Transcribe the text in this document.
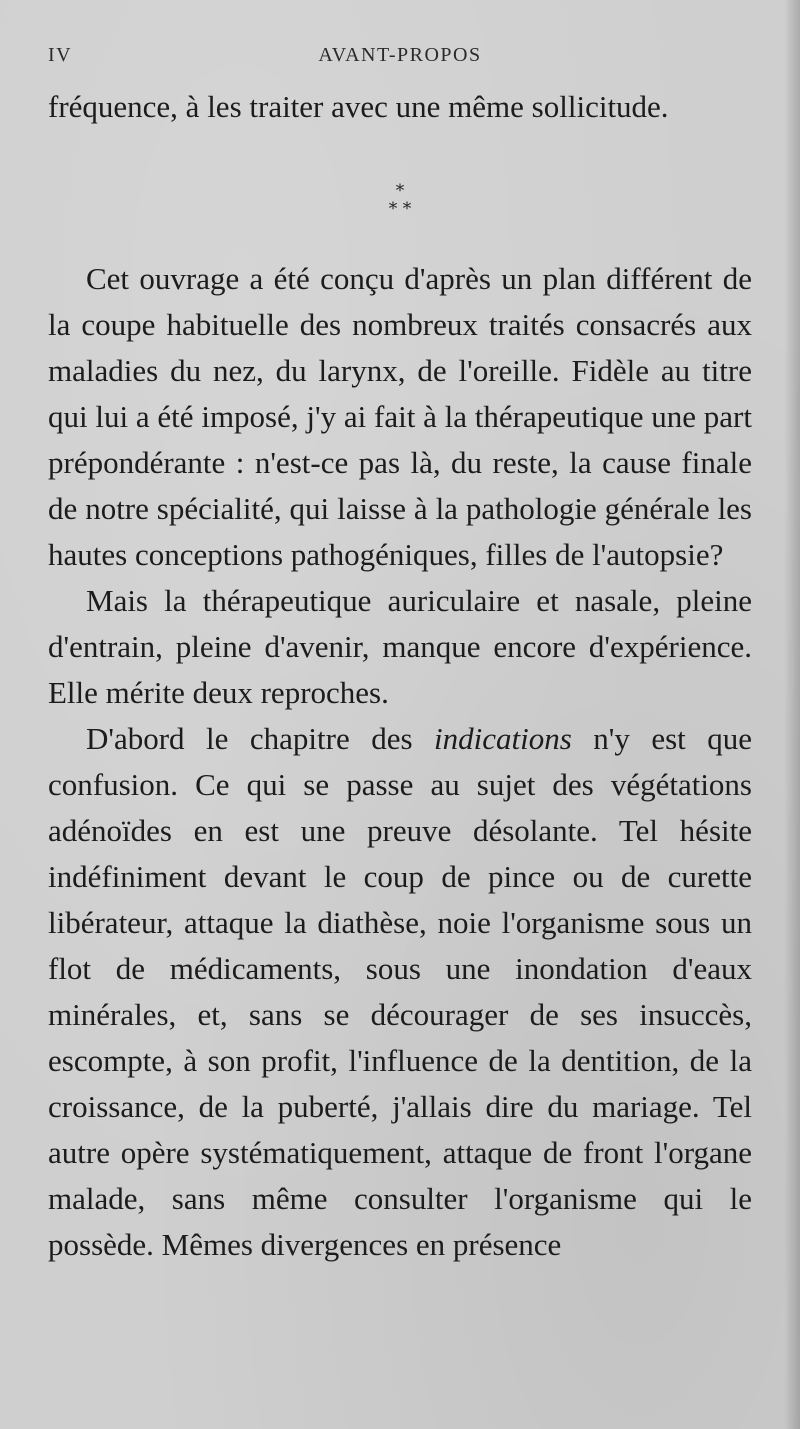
IV	AVANT-PROPOS

fréquence, à les traiter avec une même sollicitude.

*
* *

Cet ouvrage a été conçu d'après un plan différent de la coupe habituelle des nombreux traités consacrés aux maladies du nez, du larynx, de l'oreille. Fidèle au titre qui lui a été imposé, j'y ai fait à la thérapeutique une part prépondérante : n'est-ce pas là, du reste, la cause finale de notre spécialité, qui laisse à la pathologie générale les hautes conceptions pathogéniques, filles de l'autopsie?

Mais la thérapeutique auriculaire et nasale, pleine d'entrain, pleine d'avenir, manque encore d'expérience. Elle mérite deux reproches.

D'abord le chapitre des indications n'y est que confusion. Ce qui se passe au sujet des végétations adénoïdes en est une preuve désolante. Tel hésite indéfiniment devant le coup de pince ou de curette libérateur, attaque la diathèse, noie l'organisme sous un flot de médicaments, sous une inondation d'eaux minérales, et, sans se décourager de ses insuccès, escompte, à son profit, l'influence de la dentition, de la croissance, de la puberté, j'allais dire du mariage. Tel autre opère systématiquement, attaque de front l'organe malade, sans même consulter l'organisme qui le possède. Mêmes divergences en présence
